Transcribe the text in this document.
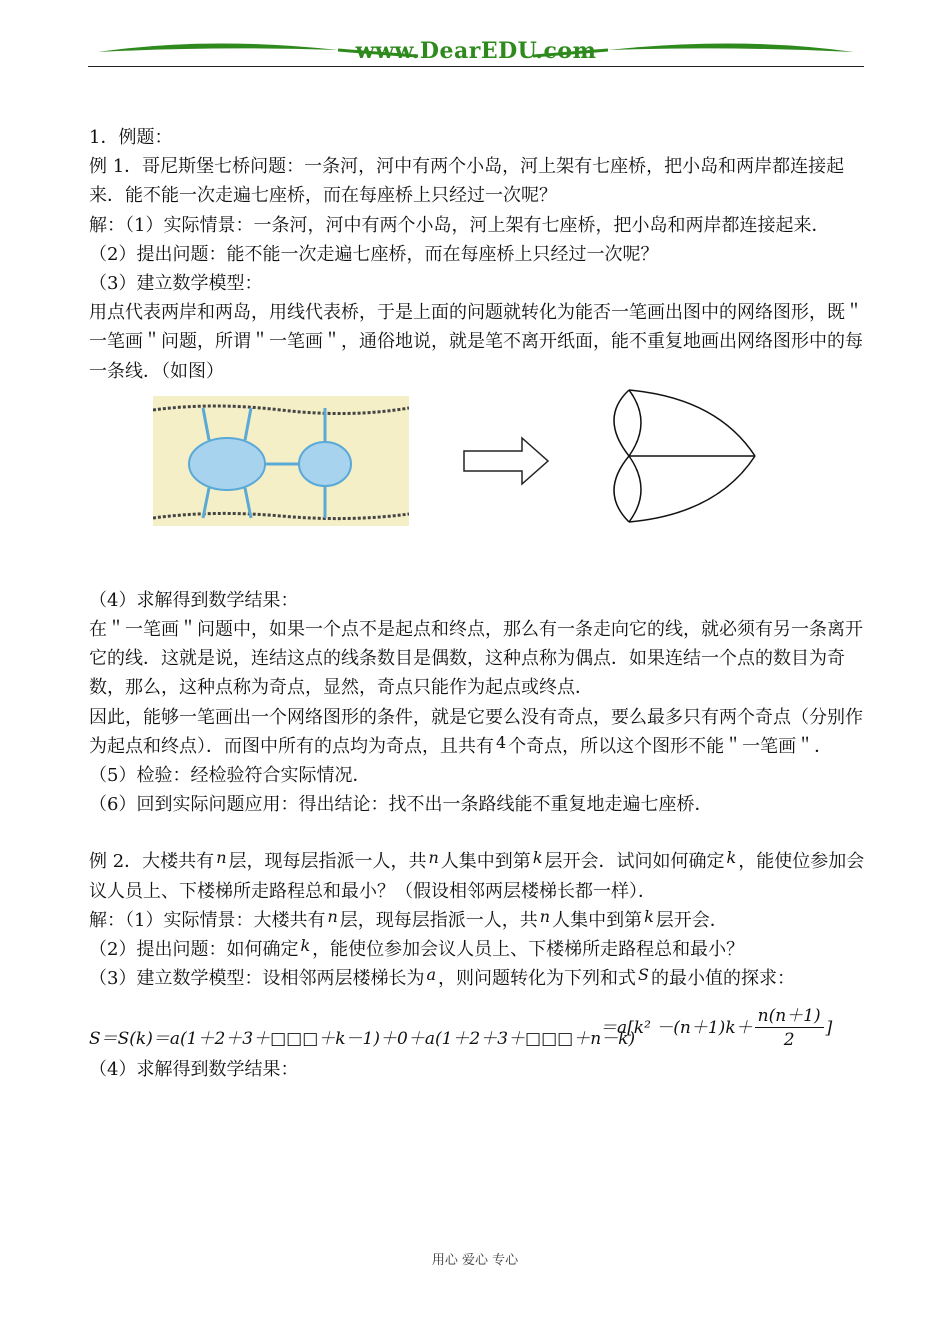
www.DearEDU.com

1．例题：

例 1．哥尼斯堡七桥问题：一条河，河中有两个小岛，河上架有七座桥，把小岛和两岸都连接起来．能不能一次走遍七座桥，而在每座桥上只经过一次呢？

解：（1）实际情景：一条河，河中有两个小岛，河上架有七座桥，把小岛和两岸都连接起来．

（2）提出问题：能不能一次走遍七座桥，而在每座桥上只经过一次呢？

（3）建立数学模型：

用点代表两岸和两岛，用线代表桥，于是上面的问题就转化为能否一笔画出图中的网络图形，既＂一笔画＂问题，所谓＂一笔画＂，通俗地说，就是笔不离开纸面，能不重复地画出网络图形中的每一条线．（如图）

（4）求解得到数学结果：

在＂一笔画＂问题中，如果一个点不是起点和终点，那么有一条走向它的线，就必须有另一条离开它的线．这就是说，连结这点的线条数目是偶数，这种点称为偶点．如果连结一个点的数目为奇数，那么，这种点称为奇点，显然，奇点只能作为起点或终点．

因此，能够一笔画出一个网络图形的条件，就是它要么没有奇点，要么最多只有两个奇点（分别作为起点和终点）．而图中所有的点均为奇点，且共有 4 个奇点，所以这个图形不能＂一笔画＂．

（5）检验：经检验符合实际情况．

（6）回到实际问题应用：得出结论：找不出一条路线能不重复地走遍七座桥．

例 2．大楼共有 n 层，现每层指派一人，共 n 人集中到第 k 层开会．试问如何确定 k ，能使位参加会议人员上、下楼梯所走路程总和最小？（假设相邻两层楼梯长都一样）．

解：（1）实际情景：大楼共有 n 层，现每层指派一人，共 n 人集中到第 k 层开会．

（2）提出问题：如何确定 k ，能使位参加会议人员上、下楼梯所走路程总和最小？

（3）建立数学模型：设相邻两层楼梯长为 a ，则问题转化为下列和式 S 的最小值的探求：

S＝S(k)＝a(1＋2＋3＋□□□＋k－1)＋0＋a(1＋2＋3＋□□□＋n－k)
$=a[k^2 -(n+1)k+ \frac{n(n+1)}{2}$ ]

（4）求解得到数学结果：

用心 爱心 专心
